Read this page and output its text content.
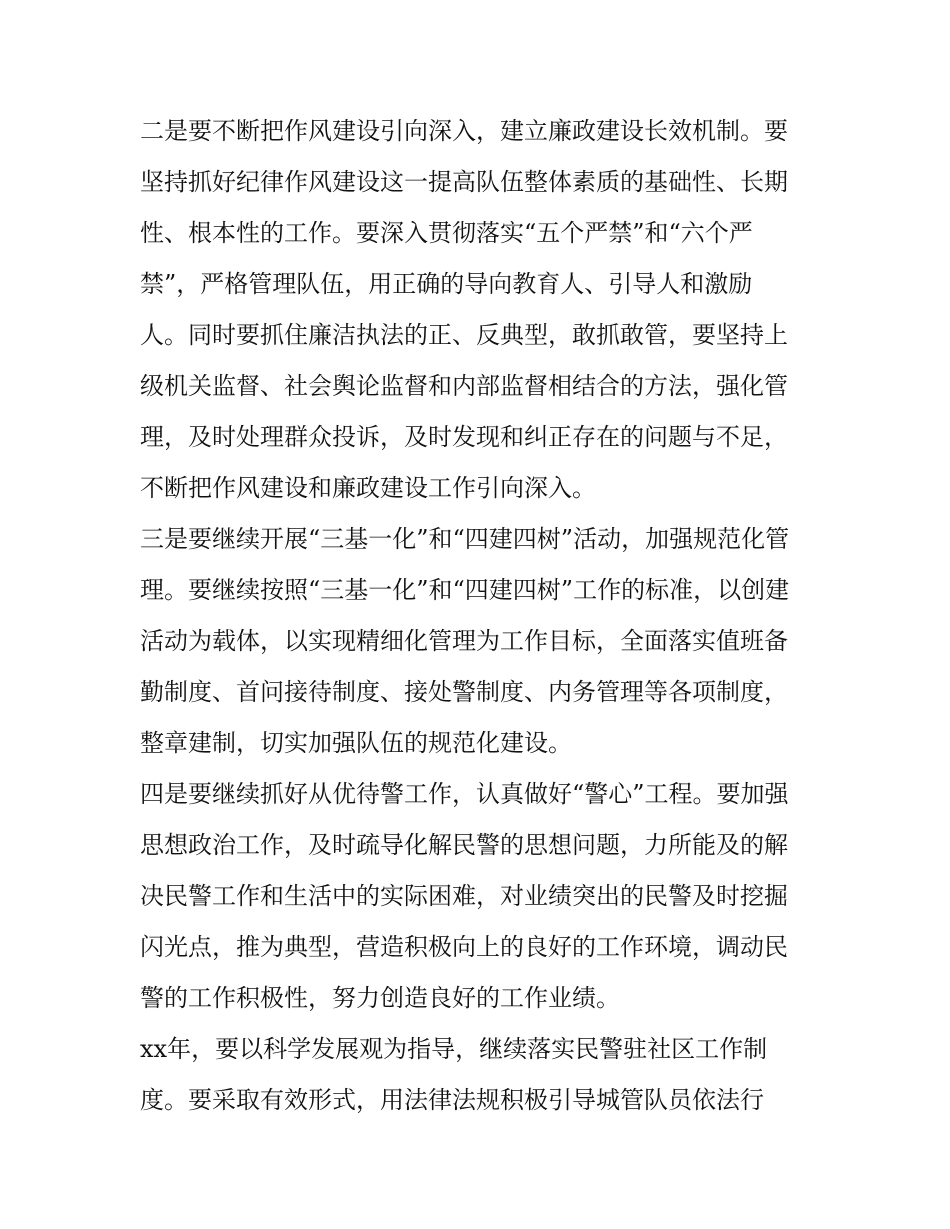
二是要不断把作风建设引向深入，建立廉政建设长效机制。要
坚持抓好纪律作风建设这一提高队伍整体素质的基础性、长期
性、根本性的工作。要深入贯彻落实“五个严禁”和“六个严
禁”，严格管理队伍，用正确的导向教育人、引导人和激励
人。同时要抓住廉洁执法的正、反典型，敢抓敢管，要坚持上
级机关监督、社会舆论监督和内部监督相结合的方法，强化管
理，及时处理群众投诉，及时发现和纠正存在的问题与不足，
不断把作风建设和廉政建设工作引向深入。
三是要继续开展“三基一化”和“四建四树”活动，加强规范化管
理。要继续按照“三基一化”和“四建四树”工作的标准，以创建
活动为载体，以实现精细化管理为工作目标，全面落实值班备
勤制度、首问接待制度、接处警制度、内务管理等各项制度，
整章建制，切实加强队伍的规范化建设。
四是要继续抓好从优待警工作，认真做好“警心”工程。要加强
思想政治工作，及时疏导化解民警的思想问题，力所能及的解
决民警工作和生活中的实际困难，对业绩突出的民警及时挖掘
闪光点，推为典型，营造积极向上的良好的工作环境，调动民
警的工作积极性，努力创造良好的工作业绩。
xx年，要以科学发展观为指导，继续落实民警驻社区工作制
度。要采取有效形式，用法律法规积极引导城管队员依法行
